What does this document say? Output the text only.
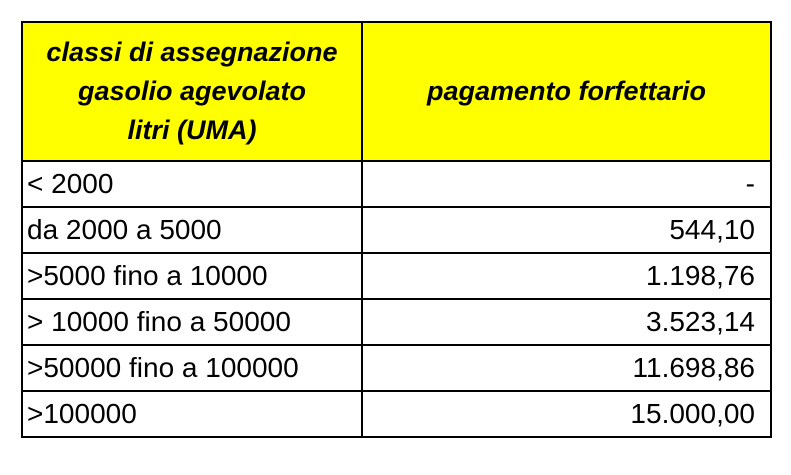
classi di assegnazione
gasolio agevolato
litri (UMA)	pagamento forfettario
< 2000	-
da 2000 a 5000	544,10
>5000 fino a 10000	1.198,76
> 10000 fino a 50000	3.523,14
>50000 fino a 100000	11.698,86
>100000	15.000,00
